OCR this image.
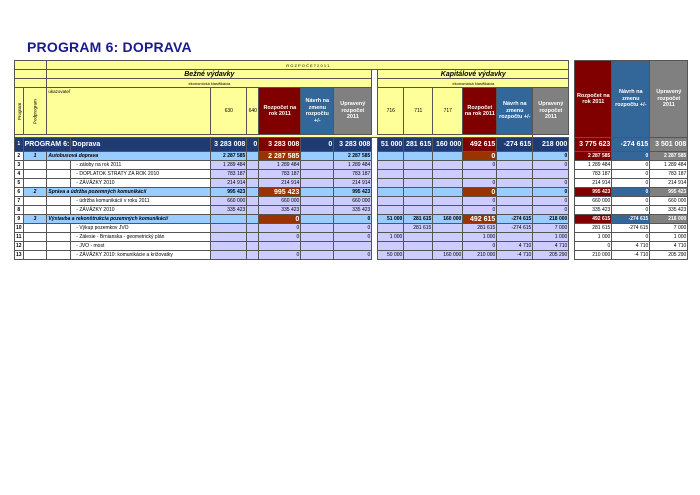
PROGRAM 6: DOPRAVA
		R O Z P O Č E T 2 0 1 1															Rozpočet na rok 2011	Návrh na zmenu rozpočtu +/-	Upravený rozpočet 2011
		Bežné výdavky								Kapitálové výdavky									
		ekonomická klasifikácia								ekonomická klasifikácia									
Program	Podprogram	ukazovateľ		630	640	Rozpočet na rok 2011	Návrh na zmenu rozpočtu +/-	Upravený rozpočet 2011		716	711	717	Rozpočet na rok 2011	Návrh na zmenu rozpočtu +/-	Upravený rozpočet 2011				

1	PROGRAM 6:		Doprava	3 283 008	0	3 283 008	0	3 283 008		51 000	281 615	160 000	492 615	-274 615	218 000		3 775 623	-274 615	3 501 008
2	1	Autobusová doprava		2 287 585		2 287 585		2 287 585					0		0		2 287 585	0	2 287 585
3			- záloby na rok 2011	1 289 484		1 289 484		1 289 484					0		0		1 289 484	0	1 289 484
4			- DOPLATOK STRATY ZA ROK 2010	783 187		783 187		783 187									783 187	0	783 187
5			- ZÁVÄZKY 2010	214 914		214 914		214 914					0		0		214 914	0	214 914
6	2	Správa a údržba pozemných komunikácií		995 423		995 423		995 423					0		0		995 423	0	995 423
7			- údržba komunikácií v roku 2011	660 000		660 000		660 000					0		0		660 000	0	660 000
8			- ZÁVÄZKY 2010	335 423		335 423		335 423					0		0		335 423	0	335 423
9	3	Výstavba a rekonštrukcia pozemných komunikácií				0		0		51 000	281 615	160 000	492 615	-274 615	218 000		492 615	-274 615	218 000
10			- Výkup pozemkov JVO			0		0			281 615		281 615	-274 615	7 000		281 615	-274 615	7 000
11			- Zálesie - Brnianska - geometrický plán			0		0		1 000			1 000		1 000		1 000	0	1 000
12			- JVO - most										0	4 710	4 710		0	4 710	4 710
13			- ZÁVÄZKY 2010: komunikácie a križovatky			0		0		50 000		160 000	210 000	-4 710	205 290		210 000	-4 710	205 290
